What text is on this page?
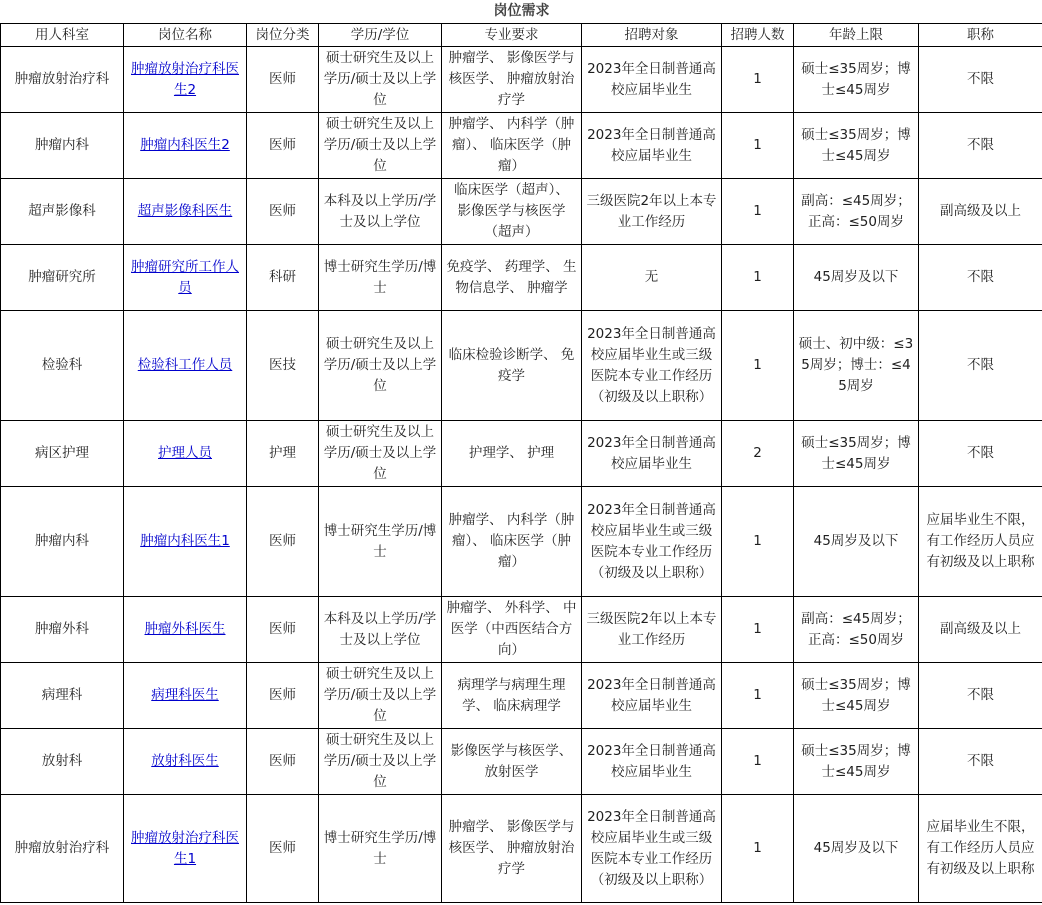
岗位需求								
用人科室	岗位名称	岗位分类	学历/学位	专业要求	招聘对象	招聘人数	年龄上限	职称
肿瘤放射治疗科	肿瘤放射治疗科医生2	医师	硕士研究生及以上学历/硕士及以上学位	肿瘤学、 影像医学与核医学、 肿瘤放射治疗学	2023年全日制普通高校应届毕业生	1	硕士≤35周岁；博士≤45周岁	不限
肿瘤内科	肿瘤内科医生2	医师	硕士研究生及以上学历/硕士及以上学位	肿瘤学、 内科学（肿瘤）、 临床医学（肿瘤）	2023年全日制普通高校应届毕业生	1	硕士≤35周岁；博士≤45周岁	不限
超声影像科	超声影像科医生	医师	本科及以上学历/学士及以上学位	临床医学（超声）、 影像医学与核医学（超声）	三级医院2年以上本专业工作经历	1	副高：≤45周岁；正高：≤50周岁	副高级及以上
肿瘤研究所	肿瘤研究所工作人员	科研	博士研究生学历/博士	免疫学、 药理学、 生物信息学、 肿瘤学	无	1	45周岁及以下	不限
检验科	检验科工作人员	医技	硕士研究生及以上学历/硕士及以上学位	临床检验诊断学、 免疫学	2023年全日制普通高校应届毕业生或三级医院本专业工作经历（初级及以上职称）	1	硕士、初中级：≤35周岁；博士：≤45周岁	不限
病区护理	护理人员	护理	硕士研究生及以上学历/硕士及以上学位	护理学、 护理	2023年全日制普通高校应届毕业生	2	硕士≤35周岁；博士≤45周岁	不限
肿瘤内科	肿瘤内科医生1	医师	博士研究生学历/博士	肿瘤学、 内科学（肿瘤）、 临床医学（肿瘤）	2023年全日制普通高校应届毕业生或三级医院本专业工作经历（初级及以上职称）	1	45周岁及以下	应届毕业生不限，有工作经历人员应有初级及以上职称
肿瘤外科	肿瘤外科医生	医师	本科及以上学历/学士及以上学位	肿瘤学、 外科学、 中医学（中西医结合方向）	三级医院2年以上本专业工作经历	1	副高：≤45周岁；正高：≤50周岁	副高级及以上
病理科	病理科医生	医师	硕士研究生及以上学历/硕士及以上学位	病理学与病理生理学、 临床病理学	2023年全日制普通高校应届毕业生	1	硕士≤35周岁；博士≤45周岁	不限
放射科	放射科医生	医师	硕士研究生及以上学历/硕士及以上学位	影像医学与核医学、 放射医学	2023年全日制普通高校应届毕业生	1	硕士≤35周岁；博士≤45周岁	不限
肿瘤放射治疗科	肿瘤放射治疗科医生1	医师	博士研究生学历/博士	肿瘤学、 影像医学与核医学、 肿瘤放射治疗学	2023年全日制普通高校应届毕业生或三级医院本专业工作经历（初级及以上职称）	1	45周岁及以下	应届毕业生不限，有工作经历人员应有初级及以上职称
